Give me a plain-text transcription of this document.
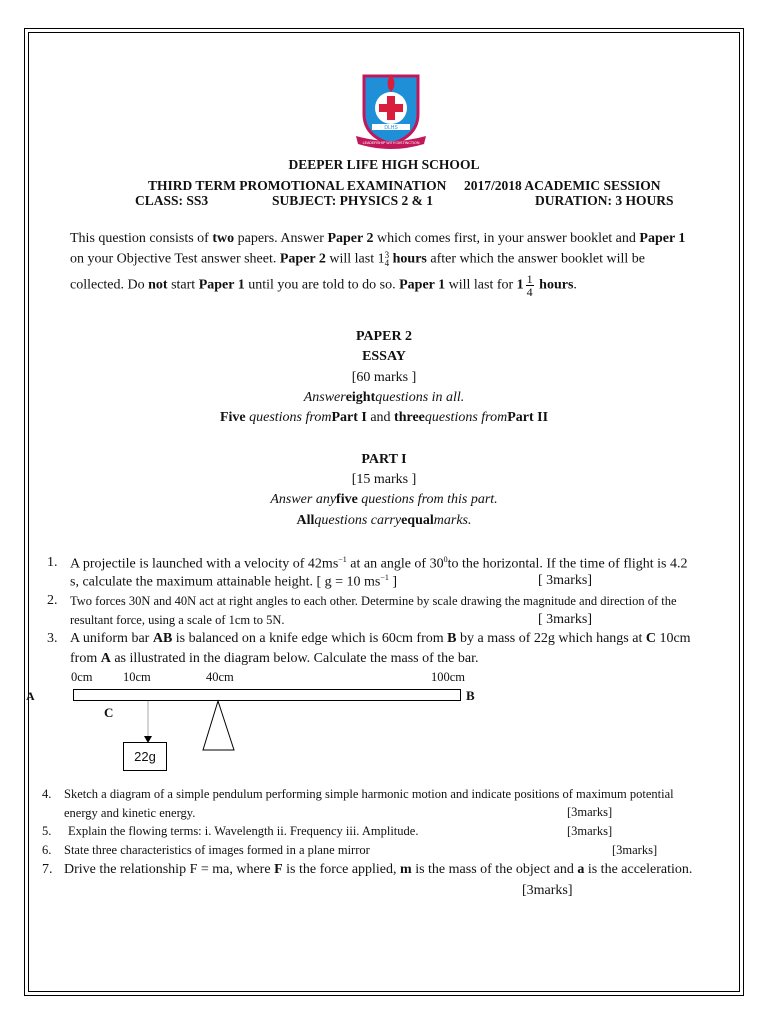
DLHS
LEADERSHIP WITH DISTINCTION
DEEPER LIFE HIGH SCHOOL
THIRD TERM PROMOTIONAL EXAMINATION 2017/2018 ACADEMIC SESSION
CLASS: SS3	SUBJECT: PHYSICS 2 & 1	DURATION: 3 HOURS
This question consists of two papers. Answer Paper 2 which comes first, in your answer booklet and Paper 1
on your Objective Test answer sheet. Paper 2 will last 1 3
4 hours after which the answer booklet will be
collected. Do not start Paper 1 until you are told to do so. Paper 1 will last for $1 \frac{1}{4}$ hours.
PAPER 2
ESSAY
[60 marks ]
Answereightquestions in all.
Five questions fromPart I and threequestions fromPart II
PART I
[15 marks ]
Answer anyfive questions from this part.
Allquestions carryequalmarks.
1. A projectile is launched with a velocity of $42ms^{-1}$ at an angle of $30^0to$ the horizontal. If the time of flight is 4.2
s, calculate the maximum attainable height. [ g = 10 $ms^{-1}$ ]	[ 3marks]
2. Two forces 30N and 40N act at right angles to each other. Determine by scale drawing the magnitude and direction of the
resultant force, using a scale of 1cm to 5N.	[ 3marks]
3. A uniform bar AB is balanced on a knife edge which is 60cm from B by a mass of 22g which hangs at C 10cm
from A as illustrated in the diagram below. Calculate the mass of the bar.
0cm 10cm	40cm	100cm
A	B
C
22g
4. Sketch a diagram of a simple pendulum performing simple harmonic motion and indicate positions of maximum potential
energy and kinetic energy.	[3marks]
5. Explain the flowing terms: i. Wavelength ii. Frequency iii. Amplitude.	[3marks]
6. State three characteristics of images formed in a plane mirror	[3marks]
7. Drive the relationship F = ma, where F is the force applied, m is the mass of the object and a is the acceleration.
[3marks]
